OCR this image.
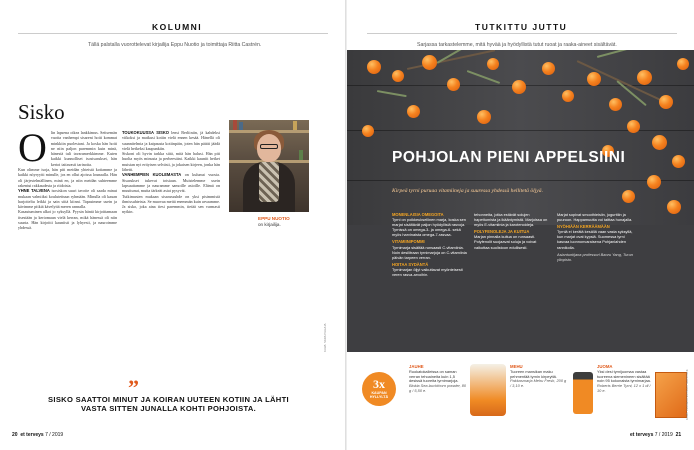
KOLUMNI
Tällä palstalla vuorottelevat kirjailija Eppu Nuotio ja toimittaja Riitta Castrén.
Sisko
O lin lapsena oikea lankkimus. Seitsemän vuotta vanhempi sisareni hoiti kommat minkkiin puolestani. Ja koska hän hoiti ne niin paljon paremmin kuin minä, hänestä tuli tavaramerkkimme. Kuten kaikki kunnolliset isosisarukset, hän kertoi taitavasti tarinoita.
Kun olimme isoja, hän piti meidän yhteistä kotiamme ja kaikki nöyryytti minulle, jos en ollut ajoissa lounaalla. Hän oli järjestelmällinen, minä en, ja niin meidän suhteemme rakentui rakkaudesta ja riidoista.
YHNE TALVENA isosiskon suuri tavoite oli saada minut mukaan valmiiksi koulutettuun ryhmään. Minulla oli kauan harjoiteltu leikki ja sain siitä kiinni. Tapasimme usein ja kävimme pitkiä kävelyitä meren rannalla.
Kasautuminen alkoi jo syksyllä. Pyysin häntä kirjoittamaan itsestään ja kertomaan vielä kerran, mikä hänessä oli niin suurta. Hän kirjoitti kauniisti ja lyhyesti, ja nauroimme yhdessä.
TOUKOKUUSSA SISKO lensi Berliiniin, jä kahdeksi viikoksi ja matkusi kotiin vielä ennen kesää. Hänellä oli suunnitelmia ja kaipausta kotiinpäin, joten hän päätti jäädä vielä hetkeksi kaupunkiin.
Siskoni oli hyvin tarkka siitä, mitä hän halusi. Hän piti huolta myös minusta ja perheestäni. Kaikki kauniit hetket muistan nyt erityisen selvästi, ja jokaisen kirjeen, jonka hän lähetti.
VANHEMPIEN KUOLEMASTA on kulunut vuosia. Sisarukset tukevat toisiaan. Muistelemme usein lapsuuttamme ja nauramme samoille asioille. Elämä on muuttunut, mutta tärkeät asiat pysyvät.
Tutkimusten mukaan sisarussuhde on yksi pisimmistä ihmissuhteista. Se muovaa meitä enemmän kuin arvaamme. Ja sisko, joka aina tiesi paremmin, tietää sen varmasti nytkin.
EPPU NUOTIO
on kirjailija.
”
SISKO SAATTOI MINUT JA KOIRAN UUTEEN KOTIIN JA LÄHTI VASTA SITTEN JUNALLA KOHTI POHJOISTA.
KUVA: SARA PIHLAJA
20 et terveys 7 / 2019
TUTKITTU JUTTU
Sarjassa tarkastelemme, mitä hyvää ja hyödyllistä tutut ruoat ja raaka-aineet sisältävät.
POHJOLAN PIENI APPELSIINI
Kirpeä tyrni puruaa vitamiineja ja suuressa yhdessä hellitetä öljyä.

MONENLAISIA OMEGOITA
Tyrni on poikkeuksellinen marja, koska sen marjat sisältävät paljon hyödyllisiä rasvoja. Tyrnissä on omega-3- ja omega-6- sekä myös harvinaista omega-7-rasvaa.

VITAMIINIPOMMI
Tyrnimarja sisältää runsaasti C-vitamiinia. Noin desilitraan tyrnimarjoja on C-vitamiinia päivän tarpeen verran.

HOITAA SYDÄNTÄ
Tyrnimarjan öljyt vaikuttavat myönteisesti veren rasva-arvoihin.

tehonneita, jotka estävät solujen hapettumista ja ikääntymistä. Marjoissa on myös E-vitamiinia ja karotenoideja.

POLYFENOLEJA JA KUITUA
Marjan pinnalla kuitua on runsaasti. Polyfenolit suojaavat soluja ja voivat vaikuttaa suolistoon edullisesti.

Marjat sopivat smoothieisiin, jogurttiin ja puuroon. Happamuutta voi taittaa hunajalla.

NYÖHIÄÄN KERRÄÄMÄÄN
Tyrniä ei kerätä kesällä vaan vasta syksyllä, kun marjat ovat kypsiä. Suomessa tyrni kasvaa luonnonvaraisena Pohjanlahden rannikolla.

Asiantuntijana professori Baoru Yang, Turun yliopisto.

3x
KAUPAN HYLLYLTÄ
JAUHE
Ruokatokalleissa on saman verran tehoaineita kuin 1,5 desissä tuoreita tyrnimarjoja.
Biokia Sea-buckthorn powder, 80 g / 5,50 e.
MEHU
Tuoreen mansikan maku pehmentää tyrnin kirpeyttä.
Pakkasmarja Mehu Fresh, 200 g / 3,10 e.
JUOMA
Yksi desi tyrnijuomaa vastaa tuoreena siemenineen sisältää noin 95 kokonaista tyrnimarjaa.
Roberts Berrie Tyrni, 12 x 1 dl / 10 e.	KUVA: CERNEJOVIC/SHUTTERSTOCK
et terveys 7 / 2019 21
